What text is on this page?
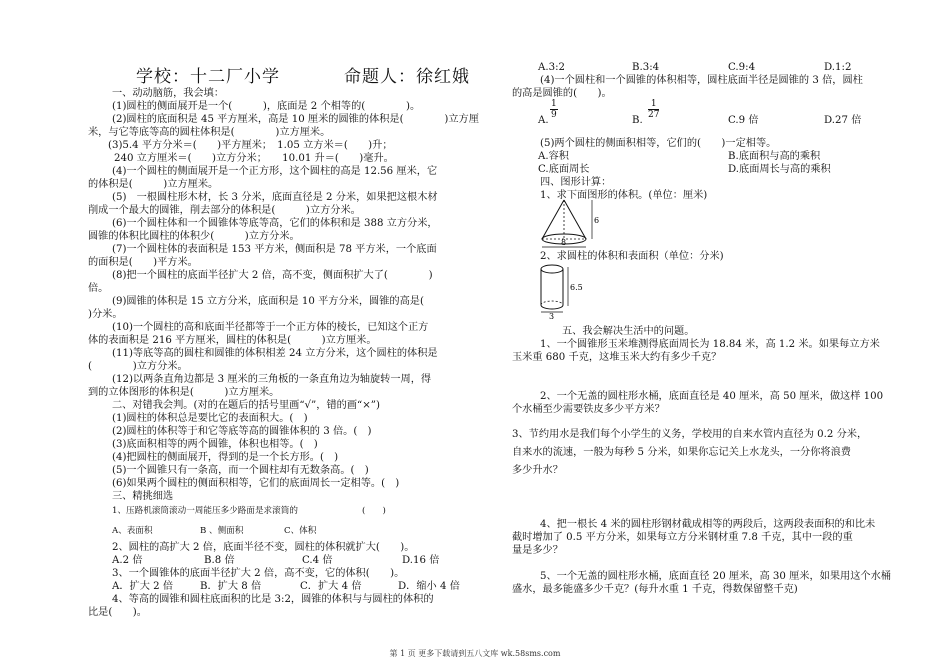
学校：十二厂小学          命题人：徐红娥
一、动动脑筋，我会填：
(1)圆柱的侧面展开是一个(　　　)，底面是 2 个相等的(　　　　)。
(2)圆柱的底面积是 45 平方厘米，高是 10 厘米的圆锥的体积是(　　　　)立方厘
米，与它等底等高的圆柱体积是(　　　　)立方厘米。
(3)5.4 平方分米＝(　　)平方厘米；　1.05 立方米＝(　　)升；
240 立方厘米＝(　　)立方分米；　　10.01 升＝(　　)毫升。
(4)一个圆柱的侧面展开是一个正方形，这个圆柱的高是 12.56 厘米，它
的体积是(　　　)立方厘米。
(5)　一根圆柱形木材，长 3 分米，底面直径是 2 分米，如果把这根木材
削成一个最大的圆锥，削去部分的体积是(　　　)立方分米。
(6)一个圆柱体和一个圆锥体等底等高，它们的体积和是 388 立方分米，
圆锥的体积比圆柱的体积少(　　　)立方分米。
(7)一个圆柱体的表面积是 153 平方米，侧面积是 78 平方米，一个底面
的面积是(　　)平方米。
(8)把一个圆柱的底面半径扩大 2 倍，高不变，侧面积扩大了(　　　　)
倍。
(9)圆锥的体积是 15 立方分米，底面积是 10 平方分米，圆锥的高是(
)分米。
(10)一个圆柱的高和底面半径都等于一个正方体的棱长，已知这个正方
体的表面积是 216 平方厘米，圆柱的体积是(　　　)立方厘米。
(11)等底等高的圆柱和圆锥的体积相差 24 立方分米，这个圆柱的体积是
(　　　　)立方分米。
(12)以两条直角边都是 3 厘米的三角板的一条直角边为轴旋转一周，得
到的立体图形的体积是(　　　)立方厘米。
二、对错我会判。(对的在题后的括号里画“√”，错的画“×”)
(1)圆柱的体积总是要比它的表面积大。(　)
(2)圆柱的体积等于和它等底等高的圆锥体积的 3 倍。(　)
(3)底面积相等的两个圆锥，体积也相等。(　)
(4)把圆柱的侧面展开，得到的是一个长方形。(　)
(5)一个圆锥只有一条高，而一个圆柱却有无数条高。(　)
(6)如果两个圆柱的侧面积相等，它们的底面周长一定相等。(　)
三、精挑细选
1、压路机滚筒滚动一周能压多少路面是求滚筒的	(　　)
A、表面积	B 、侧面积	C、体积
2、圆柱的高扩大 2 倍，底面半径不变，圆柱的体积就扩大(　　)。
A.2 倍	B.8 倍	C.4 倍	D.16 倍
3、一个圆锥体的底面半径扩大 2 倍，高不变，它的体积(　　)。
A．扩大 2 倍	B．扩大 8 倍	C．扩大 4 倍	D．缩小 4 倍
4、等高的圆锥和圆柱底面积的比是 3:2，圆锥的体积与与圆柱的体积的
比是(　　)。
A.3:2	B.3:4	C.9:4	D.1:2
(4)一个圆柱和一个圆锥的体积相等，圆柱底面半径是圆锥的 3 倍，圆柱
的高是圆锥的(　　)。
A.
$\frac{1}{9}$
B.
$\frac{1}{27}$
C.9 倍	D.27 倍
(5)两个圆柱的侧面积相等，它们的(　　)一定相等。
A.容积	B.底面积与高的乘积
C.底面周长	D.底面周长与高的乘积
四、图形计算：
1、求下面图形的体积。(单位：厘米)
6
8
2、求圆柱的体积和表面积（单位：分米)
6.5
3
五、我会解决生活中的问题。
1、一个圆锥形玉米堆测得底面周长为 18.84 米，高 1.2 米。如果每立方米
玉米重 680 千克，这堆玉米大约有多少千克？
2、一个无盖的圆柱形水桶，底面直径是 40 厘米，高 50 厘米，做这样 100
个水桶至少需要铁皮多少平方米？
3、节约用水是我们每个小学生的义务，学校用的自来水管内直径为 0.2 分米，
自来水的流速，一般为每秒 5 分米，如果你忘记关上水龙头，一分你将浪费
多少升水？
4、把一根长 4 米的圆柱形钢材截成相等的两段后，这两段表面积的和比未
截时增加了 0.5 平方分米，如果每立方分米钢材重 7.8 千克，其中一段的重
量是多少？
5、一个无盖的圆柱形水桶，底面直径 20 厘米，高 30 厘米，如果用这个水桶
盛水，最多能盛多少千克？(每升水重 1 千克，得数保留整千克)
第 1 页 更多下载请到五八文库 wk.58sms.com
